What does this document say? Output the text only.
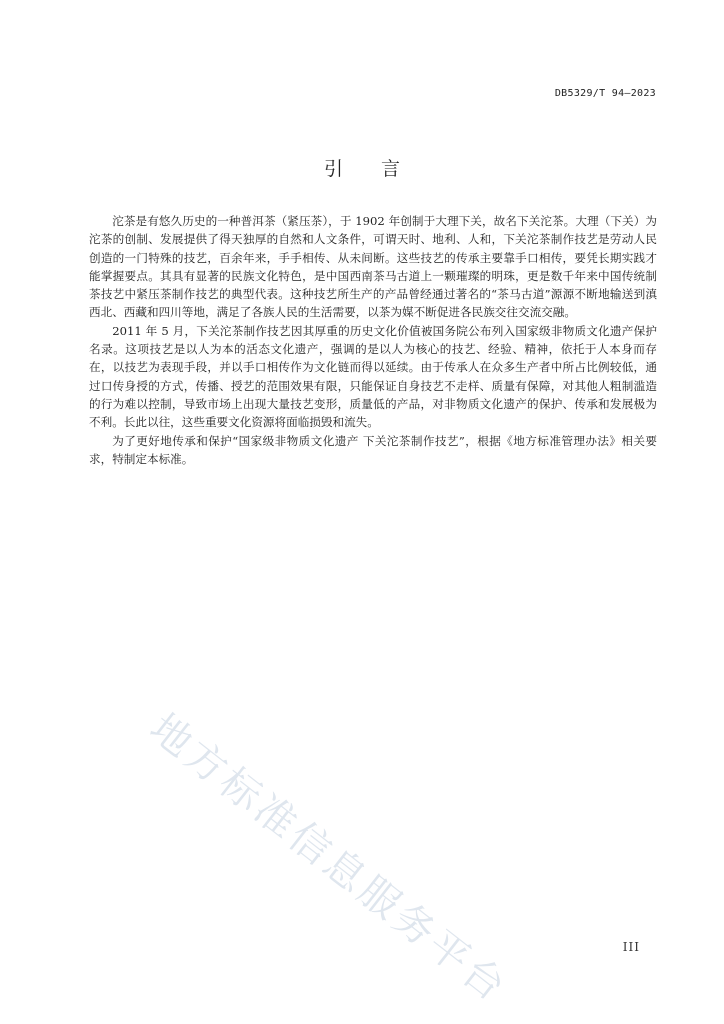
DB5329/T 94—2023
引言

沱茶是有悠久历史的一种普洱茶（紧压茶），于 1902 年创制于大理下关，故名下关沱茶。大理（下关）为沱茶的创制、发展提供了得天独厚的自然和人文条件，可谓天时、地利、人和，下关沱茶制作技艺是劳动人民创造的一门特殊的技艺，百余年来，手手相传、从未间断。这些技艺的传承主要靠手口相传，要凭长期实践才能掌握要点。其具有显著的民族文化特色，是中国西南茶马古道上一颗璀璨的明珠，更是数千年来中国传统制茶技艺中紧压茶制作技艺的典型代表。这种技艺所生产的产品曾经通过著名的“茶马古道”源源不断地输送到滇西北、西藏和四川等地，满足了各族人民的生活需要，以茶为媒不断促进各民族交往交流交融。

2011 年 5 月，下关沱茶制作技艺因其厚重的历史文化价值被国务院公布列入国家级非物质文化遗产保护名录。这项技艺是以人为本的活态文化遗产，强调的是以人为核心的技艺、经验、精神，依托于人本身而存在，以技艺为表现手段，并以手口相传作为文化链而得以延续。由于传承人在众多生产者中所占比例较低，通过口传身授的方式，传播、授艺的范围效果有限，只能保证自身技艺不走样、质量有保障，对其他人粗制滥造的行为难以控制，导致市场上出现大量技艺变形，质量低的产品，对非物质文化遗产的保护、传承和发展极为不利。长此以往，这些重要文化资源将面临损毁和流失。

为了更好地传承和保护“国家级非物质文化遗产 下关沱茶制作技艺”，根据《地方标准管理办法》相关要求，特制定本标准。

地方标准信息服务平台	III
